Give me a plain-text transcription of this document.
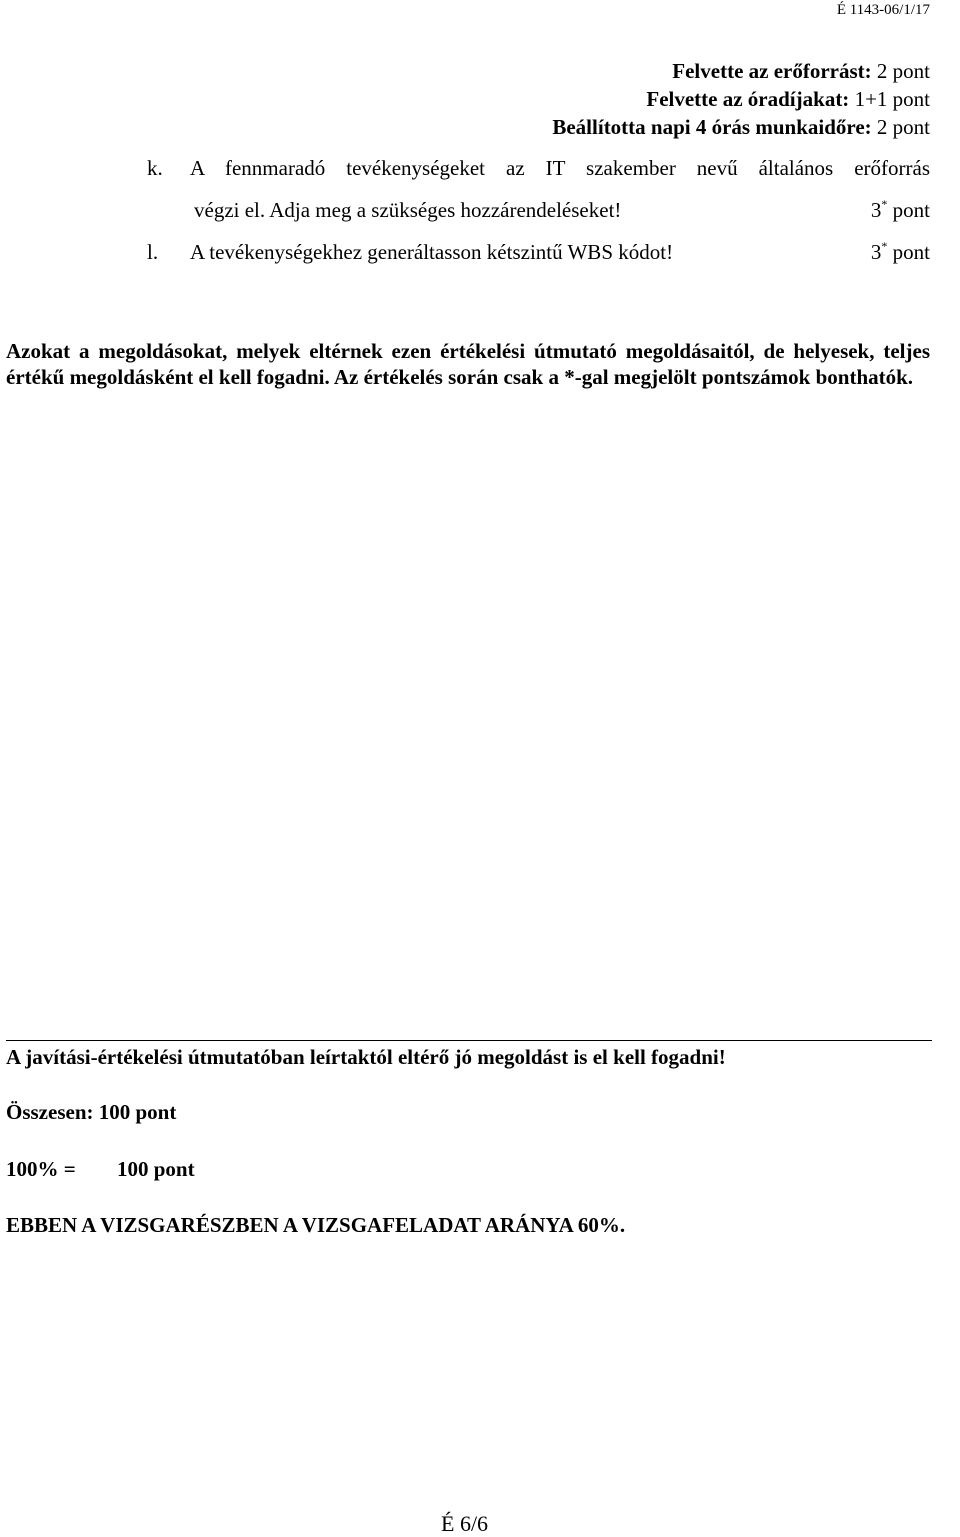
É 1143-06/1/17
Felvette az erőforrást: 2 pont
Felvette az óradíjakat: 1+1 pont
Beállította napi 4 órás munkaidőre: 2 pont
k. A fennmaradó tevékenységeket az IT szakember nevű általános erőforrás
végzi el. Adja meg a szükséges hozzárendeléseket!	3* pont
l. A tevékenységekhez generáltasson kétszintű WBS kódot!	3* pont
Azokat a megoldásokat, melyek eltérnek ezen értékelési útmutató megoldásaitól, de helyesek, teljes értékű megoldásként el kell fogadni. Az értékelés során csak a *-gal megjelölt pontszámok bonthatók.
A javítási-értékelési útmutatóban leírtaktól eltérő jó megoldást is el kell fogadni!
Összesen: 100 pont
100% = 100 pont
EBBEN A VIZSGARÉSZBEN A VIZSGAFELADAT ARÁNYA 60%.
É 6/6
